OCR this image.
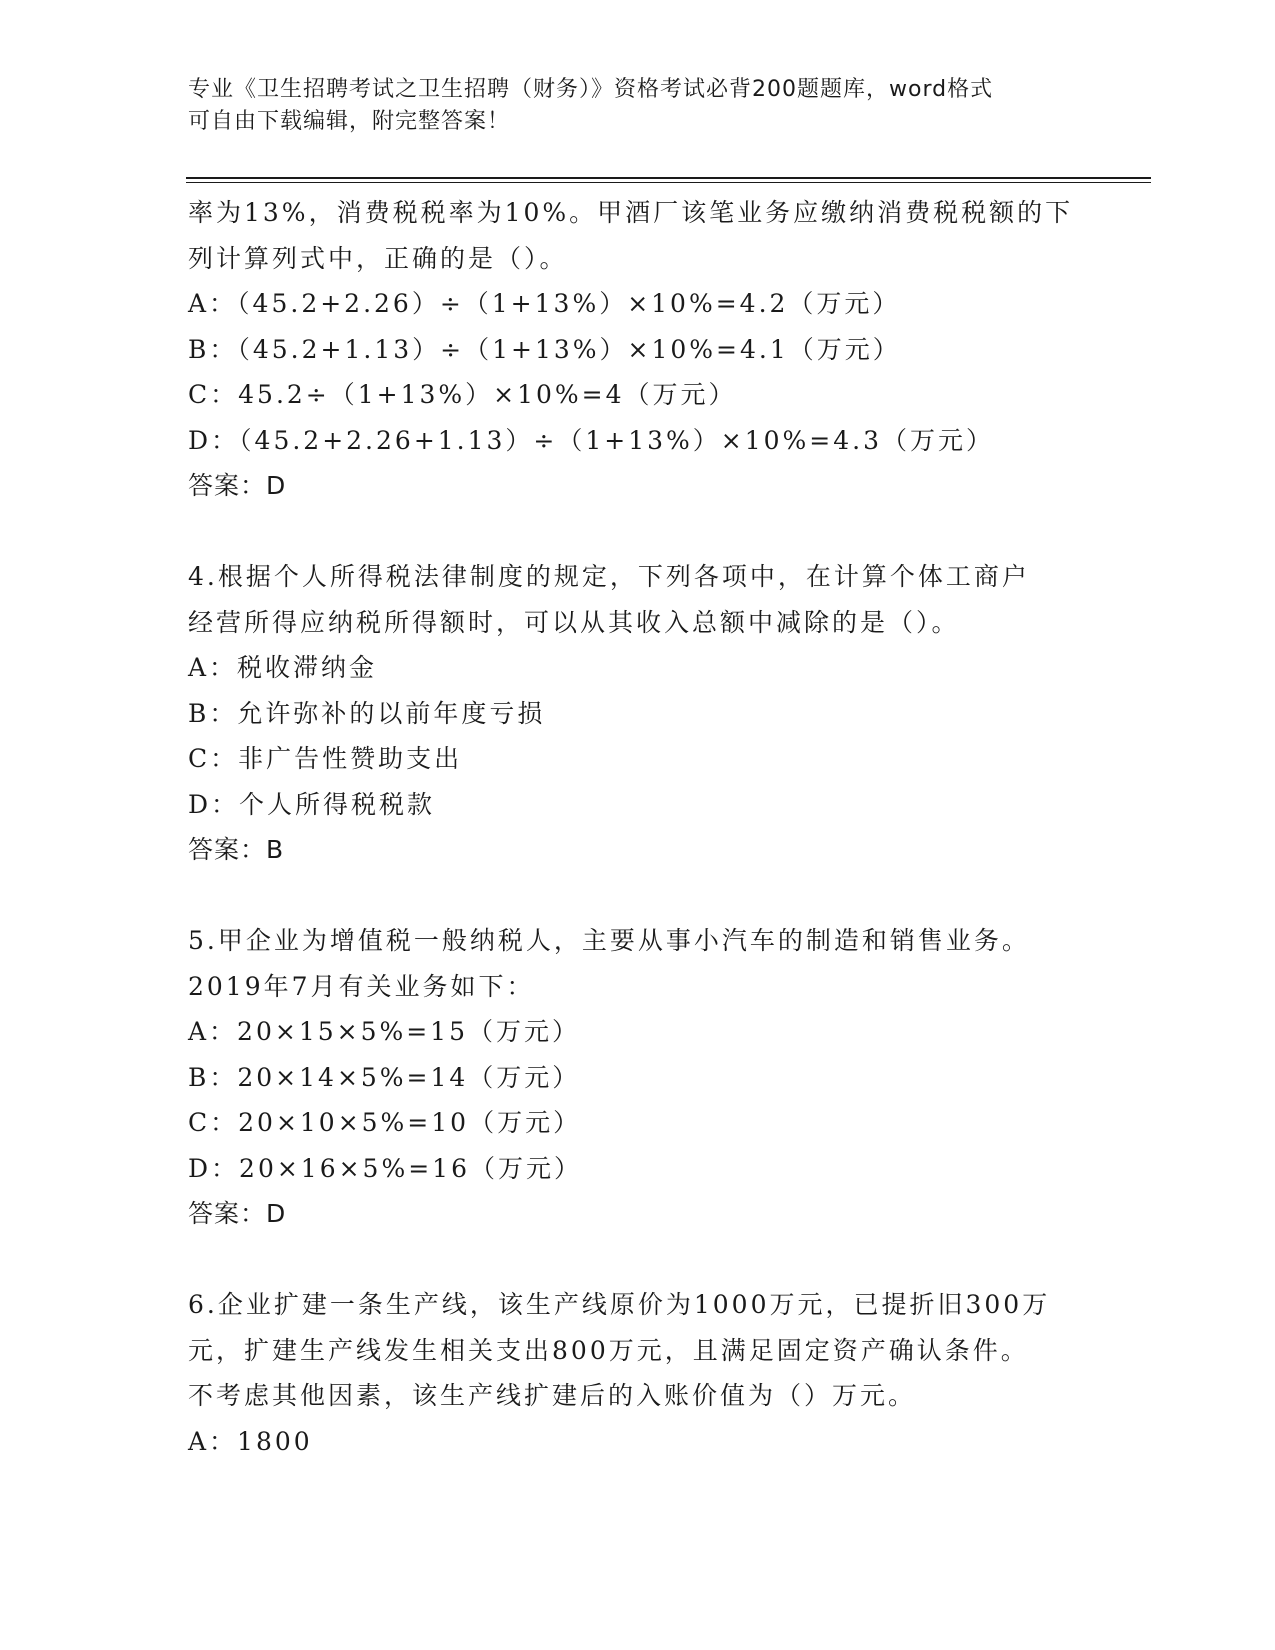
专业《卫生招聘考试之卫生招聘（财务）》资格考试必背200题题库，word格式
可自由下载编辑，附完整答案！
率为13%，消费税税率为10%。甲酒厂该笔业务应缴纳消费税税额的下
列计算列式中，正确的是（）。
A：（45.2+2.26）÷（1+13%）×10%=4.2（万元）
B：（45.2+1.13）÷（1+13%）×10%=4.1（万元）
C：45.2÷（1+13%）×10%=4（万元）
D：（45.2+2.26+1.13）÷（1+13%）×10%=4.3（万元）
答案：D
4.根据个人所得税法律制度的规定，下列各项中，在计算个体工商户
经营所得应纳税所得额时，可以从其收入总额中减除的是（）。
A：税收滞纳金
B：允许弥补的以前年度亏损
C：非广告性赞助支出
D：个人所得税税款
答案：B
5.甲企业为增值税一般纳税人，主要从事小汽车的制造和销售业务。
2019年7月有关业务如下：
A：20×15×5%=15（万元）
B：20×14×5%=14（万元）
C：20×10×5%=10（万元）
D：20×16×5%=16（万元）
答案：D
6.企业扩建一条生产线，该生产线原价为1000万元，已提折旧300万
元，扩建生产线发生相关支出800万元，且满足固定资产确认条件。
不考虑其他因素，该生产线扩建后的入账价值为（）万元。
A：1800
